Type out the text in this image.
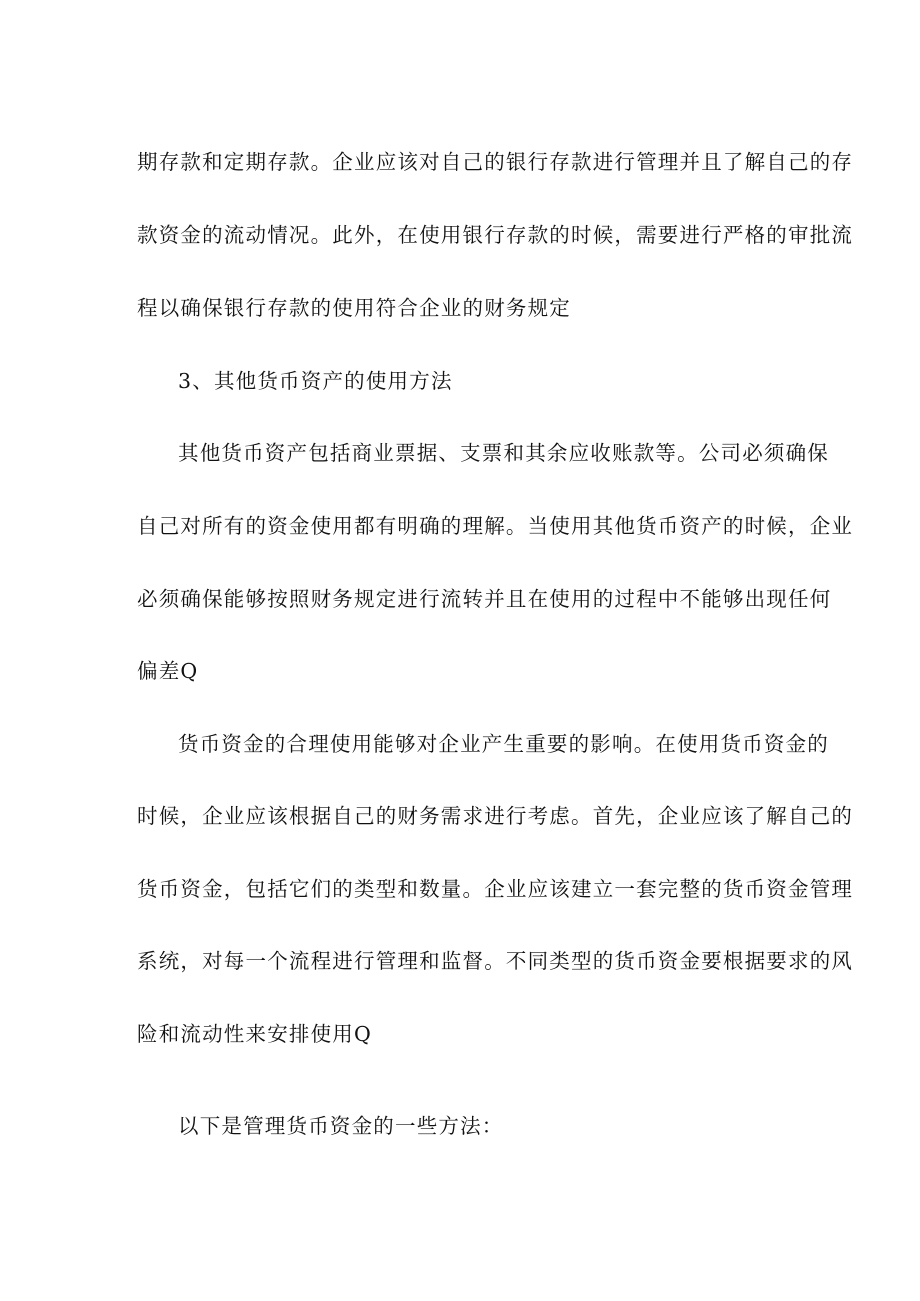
期存款和定期存款。企业应该对自己的银行存款进行管理并且了解自己的存
款资金的流动情况。此外，在使用银行存款的时候，需要进行严格的审批流
程以确保银行存款的使用符合企业的财务规定
3、其他货币资产的使用方法
其他货币资产包括商业票据、支票和其余应收账款等。公司必须确保
自己对所有的资金使用都有明确的理解。当使用其他货币资产的时候，企业
必须确保能够按照财务规定进行流转并且在使用的过程中不能够出现任何
偏差Q
货币资金的合理使用能够对企业产生重要的影响。在使用货币资金的
时候，企业应该根据自己的财务需求进行考虑。首先，企业应该了解自己的
货币资金，包括它们的类型和数量。企业应该建立一套完整的货币资金管理
系统，对每一个流程进行管理和监督。不同类型的货币资金要根据要求的风
险和流动性来安排使用Q
以下是管理货币资金的一些方法：
